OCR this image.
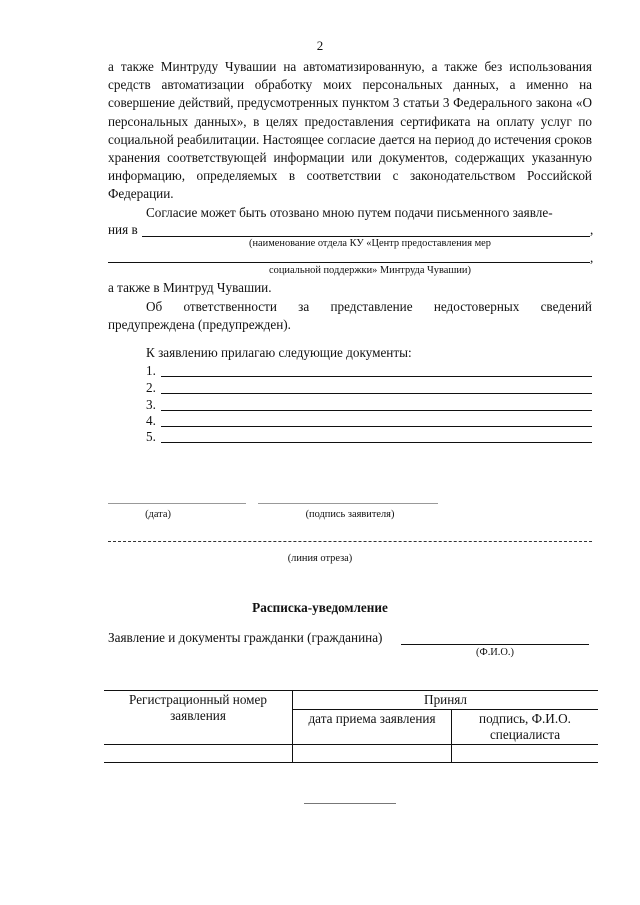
2

а также Минтруду Чувашии на автоматизированную, а также без использования средств автоматизации обработку моих персональных данных, а именно на совершение действий, предусмотренных пунктом 3 статьи 3 Федерального закона «О персональных данных», в целях предоставления сертификата на оплату услуг по социальной реабилитации. Настоящее согласие дается на период до истечения сроков хранения соответствующей информации или документов, содержащих указанную информацию, определяемых в соответствии с законодательством Российской Федерации.

Согласие может быть отозвано мною путем подачи письменного заявле-

ния в	,
(наименование отдела КУ «Центр предоставления мер
,
социальной поддержки» Минтруда Чувашии)
а также в Минтруд Чувашии.

Об ответственности за представление недостоверных сведений предупреждена (предупрежден).

К заявлению прилагаю следующие документы:
1.
2.
3.
4.
5.
(дата)	(подпись заявителя)
(линия отреза)
Расписка-уведомление
Заявление и документы гражданки (гражданина)
(Ф.И.О.)
Регистрационный номер заявления	Принял	
	дата приема заявления	подпись, Ф.И.О. специалиста
